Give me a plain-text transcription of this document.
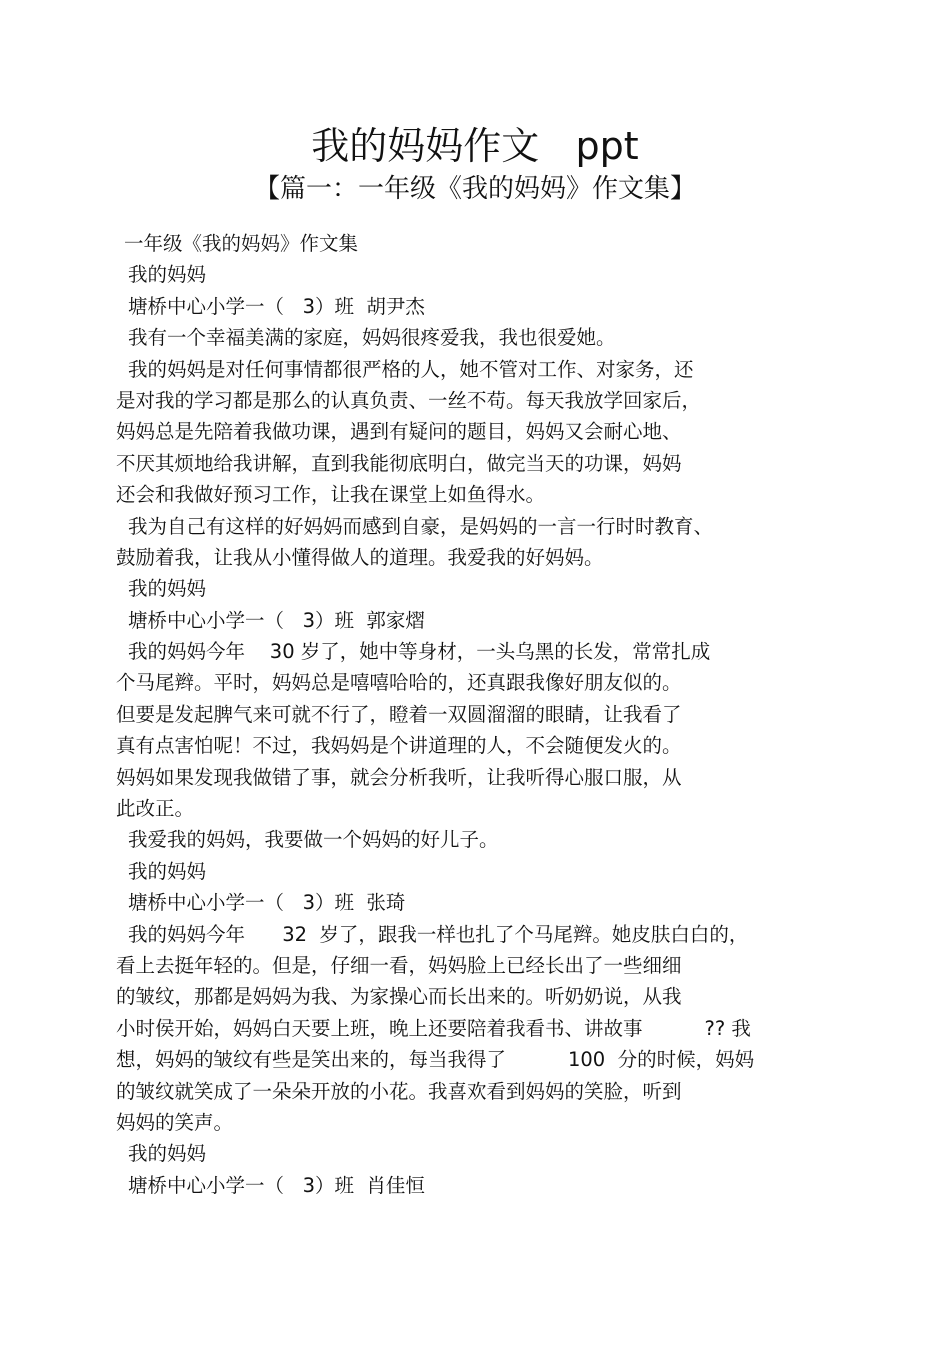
我的妈妈作文   ppt
【篇一：一年级《我的妈妈》作文集】
一年级《我的妈妈》作文集
我的妈妈
塘桥中心小学一（   3）班  胡尹杰
我有一个幸福美满的家庭，妈妈很疼爱我，我也很爱她。
我的妈妈是对任何事情都很严格的人，她不管对工作、对家务，还
是对我的学习都是那么的认真负责、一丝不苟。每天我放学回家后，
妈妈总是先陪着我做功课，遇到有疑问的题目，妈妈又会耐心地、
不厌其烦地给我讲解，直到我能彻底明白，做完当天的功课，妈妈
还会和我做好预习工作，让我在课堂上如鱼得水。
我为自己有这样的好妈妈而感到自豪，是妈妈的一言一行时时教育、
鼓励着我，让我从小懂得做人的道理。我爱我的好妈妈。
我的妈妈
塘桥中心小学一（   3）班  郭家熠
我的妈妈今年    30 岁了，她中等身材，一头乌黑的长发，常常扎成
个马尾辫。平时，妈妈总是嘻嘻哈哈的，还真跟我像好朋友似的。
但要是发起脾气来可就不行了，瞪着一双圆溜溜的眼睛，让我看了
真有点害怕呢！不过，我妈妈是个讲道理的人，不会随便发火的。
妈妈如果发现我做错了事，就会分析我听，让我听得心服口服，从
此改正。
我爱我的妈妈，我要做一个妈妈的好儿子。
我的妈妈
塘桥中心小学一（   3）班  张琦
我的妈妈今年      32  岁了，跟我一样也扎了个马尾辫。她皮肤白白的，
看上去挺年轻的。但是，仔细一看，妈妈脸上已经长出了一些细细
的皱纹，那都是妈妈为我、为家操心而长出来的。听奶奶说，从我
小时侯开始，妈妈白天要上班，晚上还要陪着我看书、讲故事          ?? 我
想，妈妈的皱纹有些是笑出来的，每当我得了          100  分的时候，妈妈
的皱纹就笑成了一朵朵开放的小花。我喜欢看到妈妈的笑脸，听到
妈妈的笑声。
我的妈妈
塘桥中心小学一（   3）班  肖佳恒
